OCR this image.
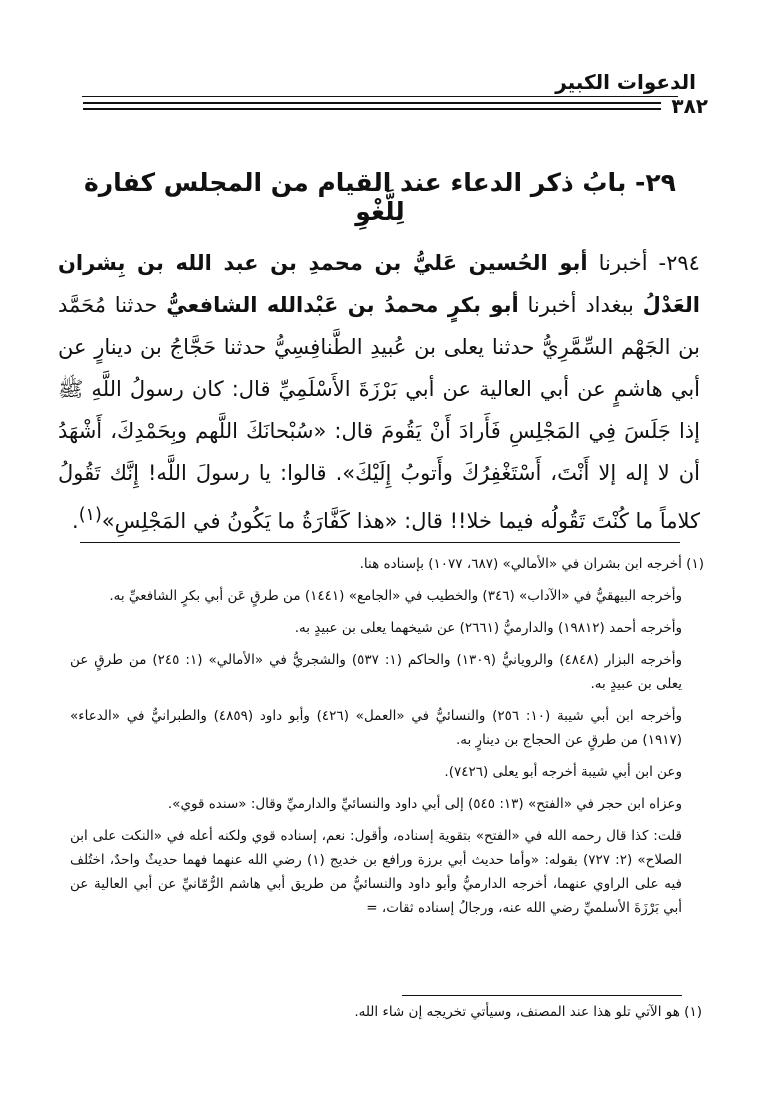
الدعوات الكبير
٣٨٢
٢٩- بابُ ذكر الدعاء عند القيام من المجلس كفارة لِلَّغْوِ

٢٩٤- أخبرنا أبو الحُسين عَليُّ بن محمدِ بن عبد الله بن بِشران العَدْلُ ببغداد أخبرنا أبو بكرٍ محمدُ بن عَبْدالله الشافعيُّ حدثنا مُحَمَّد بن الجَهْم السِّمَّرِيُّ حدثنا يعلى بن عُبيدِ الطَّنافِسِيُّ حدثنا حَجَّاجُ بن دينارٍ عن أبي هاشمٍ عن أبي العالية عن أبي بَرْزَةَ الأَسْلَمِيِّ قال: كان رسولُ اللَّهِ ﷺ إذا جَلَسَ فِي المَجْلِسِ فَأَرادَ أَنْ يَقُومَ قال: «سُبْحانَكَ اللَّهم وبِحَمْدِكَ، أَشْهَدُ أن لا إله إلا أَنْتَ، أَسْتَغْفِرُكَ وأَتوبُ إِلَيْكَ». قالوا: يا رسولَ اللَّه! إِنَّك تَقُولُ كلاماً ما كُنْتَ تَقُولُه فيما خلا!! قال: «هذا كَفَّارَةُ ما يَكُونُ في المَجْلِسِ»$^{(١)}$.

(١) أخرجه ابن بشران في «الأمالي» (٦٨٧، ١٠٧٧) بإسناده هنا.

وأخرجه البيهقيُّ في «الآداب» (٣٤٦) والخطيب في «الجامع» (١٤٤١) من طرقٍ عَن أبي بكرٍ الشافعيِّ به.

وأخرجه أحمد (١٩٨١٢) والدارميُّ (٢٦٦١) عن شيخهما يعلى بن عبيدٍ به.

وأخرجه البزار (٤٨٤٨) والرويانيُّ (١٣٠٩) والحاكم (١: ٥٣٧) والشجريُّ في «الأمالي» (١: ٢٤٥) من طرقٍ عن يعلى بن عبيدٍ به.

وأخرجه ابن أبي شيبة (١٠: ٢٥٦) والنسائيُّ في «العمل» (٤٢٦) وأبو داود (٤٨٥٩) والطبرانيُّ في «الدعاء» (١٩١٧) من طرقٍ عن الحجاج بن دينارٍ به.

وعن ابن أبي شيبة أخرجه أبو يعلى (٧٤٢٦).

وعزاه ابن حجر في «الفتح» (١٣: ٥٤٥) إلى أبي داود والنسائيِّ والدارميِّ وقال: «سنده قوي».

قلت: كذا قال رحمه الله في «الفتح» بتقوية إسناده، وأقول: نعم، إسناده قوي ولكنه أعله في «النكت على ابن الصلاح» (٢: ٧٢٧) بقوله: «وأما حديث أبي برزة ورافع بن خديج (١) رضي الله عنهما فهما حديثٌ واحدٌ، اختُلف فيه على الراوي عنهما، أخرجه الدارميُّ وأبو داود والنسائيُّ من طريق أبي هاشم الرُّمّانيِّ عن أبي العالية عن أبي بَرْزَةَ الأسلميِّ رضي الله عنه، ورجالُ إسناده ثقات، =

(١) هو الآتي تلو هذا عند المصنف، وسيأتي تخريجه إن شاء الله.
